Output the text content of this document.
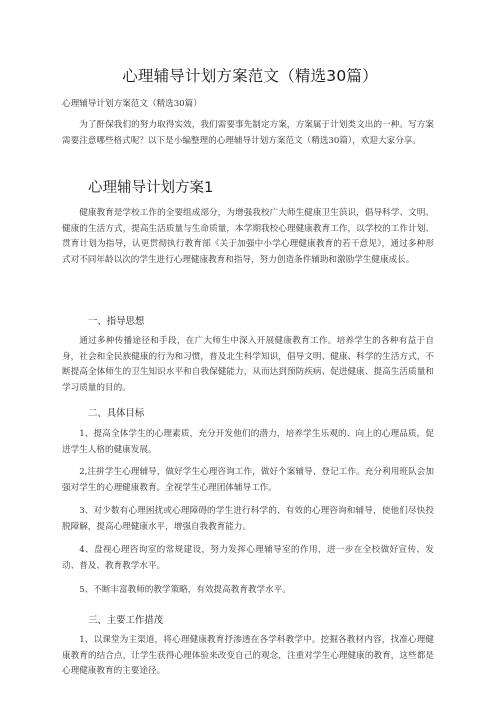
心理辅导计划方案范文（精选30篇）
心理辅导计划方案范文（精选30篇）
为了酐保我们的努力取得实效，我们需要事先制定方案，方案属于计划类文出的一种。写方案需要注意哪些格式呢？以下是小编整理的心理辅导计划方案范文（精选30篇），欢迎大家分享。
心理辅导计划方案1
健康教育是学校工作的全要组成部分，为增强我校广大师生健康卫生葓识，倡导科学、文明、健康的生活方式，提高生活质量与生命质量，本学期我校心理健康教育工作，以学校的工作计划、贯育计划为指导，认更贯彻执行教育部《关于加强中小学心理健康教育的若干意见》，通过多种形式对不同年龄以次的学生进行心理健康教育和指导，努力创造条件辅助和激励学生健康成长。
一、指导思想
通过多种传播途径和手段，在广大师生中深入开展健康教育工作。培养学生的各种有益于自身，社会和全民族健康的行为和习惯，普及北生科学知识，倡导文明、健康、科学的生活方式，不断提高全体师生的卫生知识水平和自我保健能力，从而达到预防疾病、促进健康、提高生活质量和学习质量的目的。
二、具体目标
1、提高全体学生的心理素质，充分开发他们的潜力，培养学生乐观的、向上的心理品质，促进学生人格的健康发展。
2,注拼学生心理辅导，做好学生心理咨询工作，做好个案辅导、登记工作。充分利用班队会加强对学生的心理健康教育。全视学生心理团体辅导工作。
3、对少数有心理困扰或心理障碍的学生进行科学的、有效的心理咨询和辅导，使他们尽快投脱障解，提高心理健康水平，增强自我教育能力。
4、盘视心理咨询室的常规建设，努力发挥心理辅导室的作用，进一步在全校做好宣传、发动、普及、教育教学水平。
5、不断丰富教师的教学策略，有效提高教育教学水平。
三、主要工作措茂
1、以课堂为主渠道，将心理健康教育抒渗透在各学科教学中。挖掘各教材内容，找准心理健康教育的结合点，让学生获得心理体验来改变自己的观念，注重对学生心理健康的教育，这些都是心理健康教育的主要途径。
